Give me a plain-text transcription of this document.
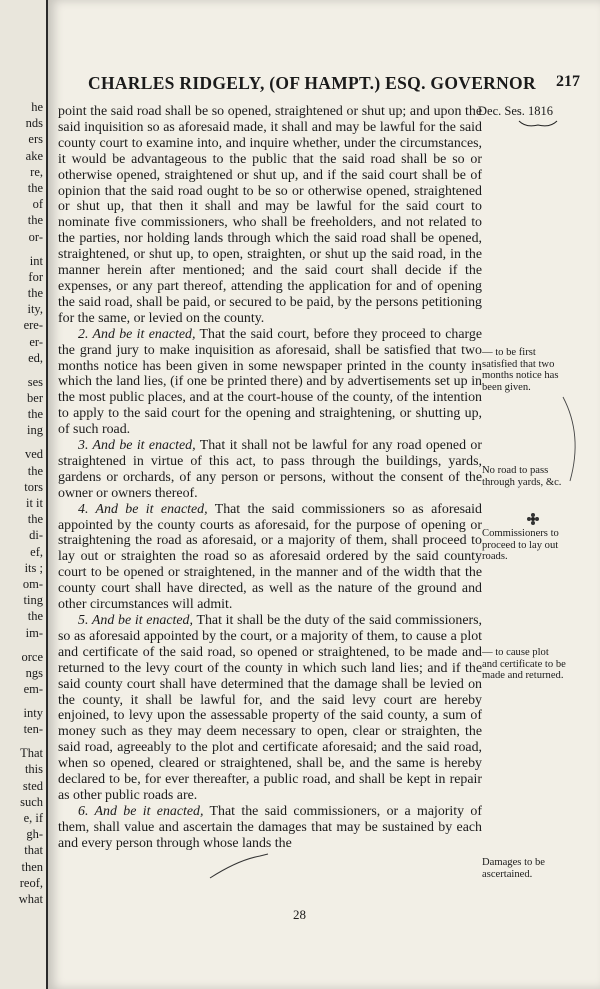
he
nds
ers
ake
re,
the
of
the
or-
int
for
the
ity,
ere-
er-
ed,
ses
ber
the
ing
ved
the
tors
it it
the
di-
ef,
its ;
om-
ting
the
im-
orce
ngs
em-
inty
ten-
That
this
sted
such
e, if
gh-
that
then
reof,
what
CHARLES RIDGELY, (OF HAMPT.) ESQ. GOVERNOR 217
Dec. Ses. 1816

point the said road shall be so opened, straightened or shut up; and upon the said inquisition so as aforesaid made, it shall and may be lawful for the said county court to examine into, and inquire whether, under the circumstances, it would be advantageous to the public that the said road shall be so or otherwise opened, straightened or shut up, and if the said court shall be of opinion that the said road ought to be so or otherwise opened, straightened or shut up, that then it shall and may be lawful for the said court to nominate five commissioners, who shall be freeholders, and not related to the parties, nor holding lands through which the said road shall be opened, straightened, or shut up, to open, straighten, or shut up the said road, in the manner herein after mentioned; and the said court shall decide if the expenses, or any part thereof, attending the application for and of opening the said road, shall be paid, or secured to be paid, by the persons petitioning for the same, or levied on the county.

2. And be it enacted, That the said court, before they proceed to charge the grand jury to make inquisition as aforesaid, shall be satisfied that two months notice has been given in some newspaper printed in the county in which the land lies, (if one be printed there) and by advertisements set up in the most public places, and at the court-house of the county, of the intention to apply to the said court for the opening and straightening, or shutting up, of such road.

3. And be it enacted, That it shall not be lawful for any road opened or straightened in virtue of this act, to pass through the buildings, yards, gardens or orchards, of any person or persons, without the consent of the owner or owners thereof.

4. And be it enacted, That the said commissioners so as aforesaid appointed by the county courts as aforesaid, for the purpose of opening or straightening the road as aforesaid, or a majority of them, shall proceed to lay out or straighten the road so as aforesaid ordered by the said county court to be opened or straightened, in the manner and of the width that the county court shall have directed, as well as the nature of the ground and other circumstances will admit.

5. And be it enacted, That it shall be the duty of the said commissioners, so as aforesaid appointed by the court, or a majority of them, to cause a plot and certificate of the said road, so opened or straightened, to be made and returned to the levy court of the county in which such land lies; and if the said county court shall have determined that the damage shall be levied on the county, it shall be lawful for, and the said levy court are hereby enjoined, to levy upon the assessable property of the said county, a sum of money such as they may deem necessary to open, clear or straighten, the said road, agreeably to the plot and certificate aforesaid; and the said road, when so opened, cleared or straightened, shall be, and the same is hereby declared to be, for ever thereafter, a public road, and shall be kept in repair as other public roads are.

6. And be it enacted, That the said commissioners, or a majority of them, shall value and ascertain the damages that may be sustained by each and every person through whose lands the

— to be first satisfied that two months notice has been given.
No road to pass through yards, &c.
Commissioners to proceed to lay out roads.
— to cause plot and certificate to be made and returned.
Damages to be ascertained.
28
